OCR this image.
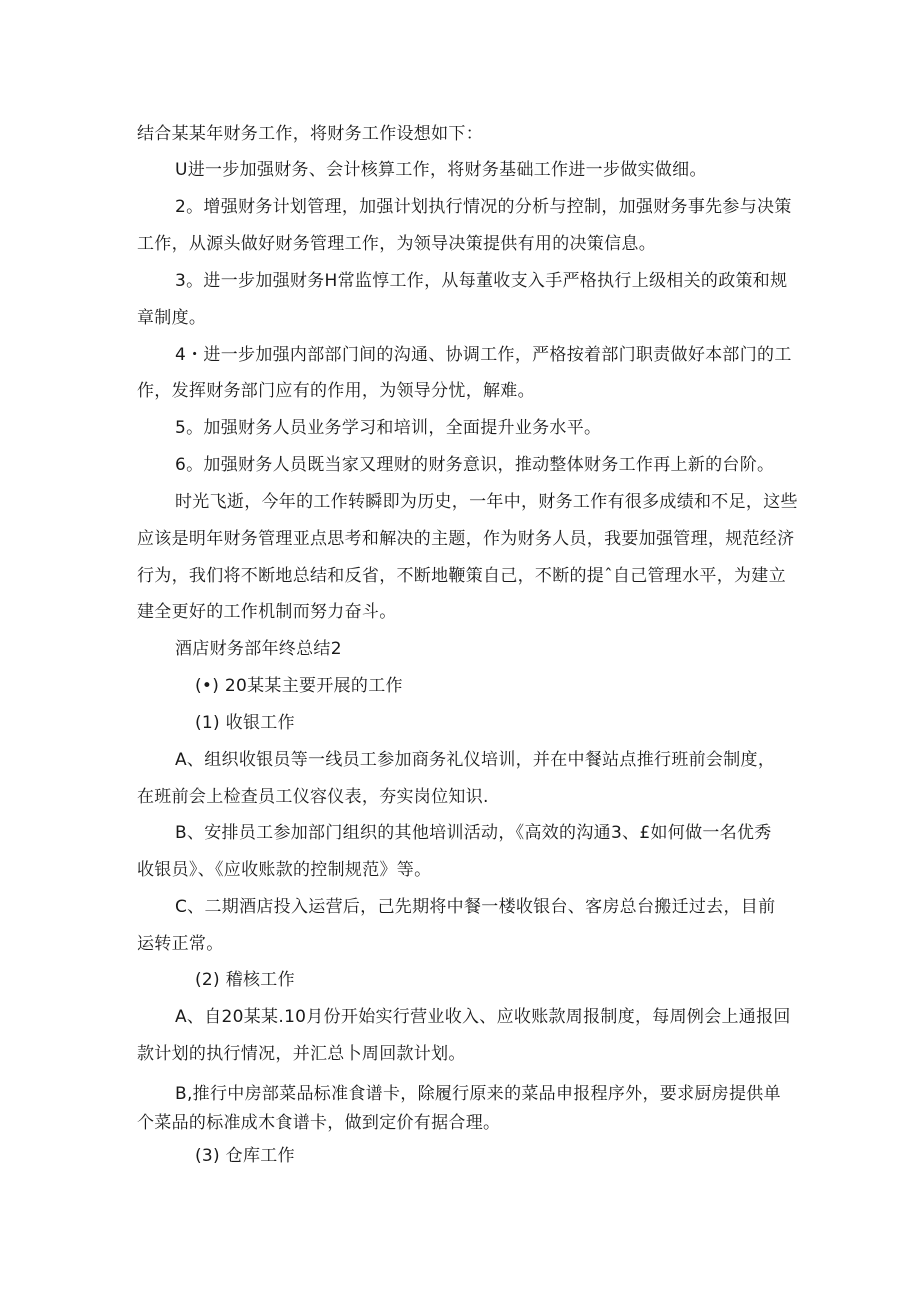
结合某某年财务工作，将财务工作设想如下：
U进一步加强财务、会计核算工作，将财务基础工作进一步做实做细。
2。增强财务计划管理，加强计划执行情况的分析与控制，加强财务事先参与决策
工作，从源头做好财务管理工作，为领导决策提供有用的决策信息。
3。进一步加强财务H常监惇工作，从每董收支入手严格执行上级相关的政策和规
章制度。
4・进一步加强内部部门间的沟通、协调工作，严格按着部门职责做好本部门的工
作，发挥财务部门应有的作用，为领导分忧，解难。
5。加强财务人员业务学习和培训，全面提升业务水平。
6。加强财务人员既当家又理财的财务意识，推动整体财务工作再上新的台阶。
时光飞逝，今年的工作转瞬即为历史，一年中，财务工作有很多成绩和不足，这些
应该是明年财务管理亚点思考和解决的主题，作为财务人员，我要加强管理，规范经济
行为，我们将不断地总结和反省，不断地鞭策自己，不断的提ˆ自己管理水平，为建立
建全更好的工作机制而努力奋斗。
酒店财务部年终总结2
(•) 20某某主要开展的工作
(1) 收银工作
A、组织收银员等一线员工参加商务礼仪培训，并在中餐站点推行班前会制度，
在班前会上检查员工仪容仪表，夯实岗位知识.
B、安排员工参加部门组织的其他培训活动，《高效的沟通3、£如何做一名优秀
收银员》、《应收账款的控制规范》等。
C、二期酒店投入运营后，己先期将中餐一楼收银台、客房总台搬迁过去，目前
运转正常。
(2) 稽核工作
A、自20某某.10月份开始实行营业收入、应收账款周报制度，每周例会上通报回
款计划的执行情况，并汇总卜周回款计划。
B,推行中房部菜品标准食谱卡，除履行原来的菜品申报程序外，要求厨房提供单
个菜品的标准成木食谱卡，做到定价有据合理。
(3) 仓库工作
